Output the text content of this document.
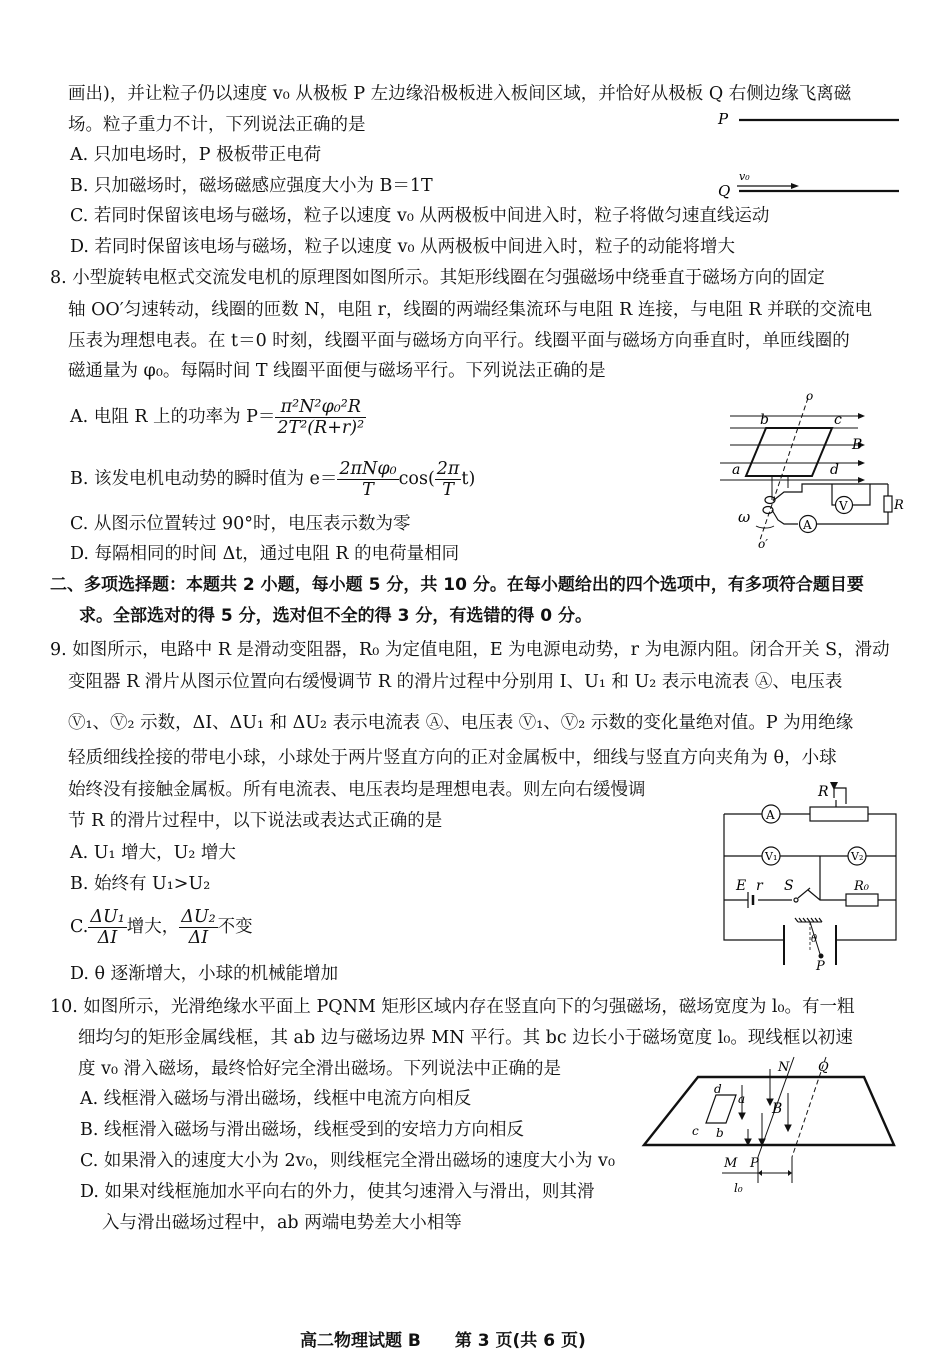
画出)，并让粒子仍以速度 v₀ 从极板 P 左边缘沿极板进入板间区域，并恰好从极板 Q 右侧边缘飞离磁
场。粒子重力不计，下列说法正确的是
A. 只加电场时，P 极板带正电荷
B. 只加磁场时，磁场磁感应强度大小为 B＝1T
C. 若同时保留该电场与磁场，粒子以速度 v₀ 从两极板中间进入时，粒子将做匀速直线运动
D. 若同时保留该电场与磁场，粒子以速度 v₀ 从两极板中间进入时，粒子的动能将增大
P
Q
v₀
8. 小型旋转电枢式交流发电机的原理图如图所示。其矩形线圈在匀强磁场中绕垂直于磁场方向的固定
轴 OO′匀速转动，线圈的匝数 N，电阻 r，线圈的两端经集流环与电阻 R 连接，与电阻 R 并联的交流电
压表为理想电表。在 t＝0 时刻，线圈平面与磁场方向平行。线圈平面与磁场方向垂直时，单匝线圈的
磁通量为 φ₀。每隔时间 T 线圈平面便与磁场平行。下列说法正确的是
A. 电阻 R 上的功率为 $P= \frac{\text{π²N²φ₀²R}}{\text{2T²(R+r)²}}$
B. 该发电机电动势的瞬时值为 $e= \frac{\text{2πNφ₀}}{T} \cos( \frac{2\pi}{T} t)$
C. 从图示位置转过 90°时，电压表示数为零
D. 每隔相同的时间 Δt，通过电阻 R 的电荷量相同
o
b	c
a	d
B
V
A
R
ω
o′
二、多项选择题：本题共 2 小题，每小题 5 分，共 10 分。在每小题给出的四个选项中，有多项符合题目要
求。全部选对的得 5 分，选对但不全的得 3 分，有选错的得 0 分。
9. 如图所示，电路中 R 是滑动变阻器，R₀ 为定值电阻，E 为电源电动势，r 为电源内阻。闭合开关 S，滑动
变阻器 R 滑片从图示位置向右缓慢调节 R 的滑片过程中分别用 I、U₁ 和 U₂ 表示电流表 Ⓐ、电压表
Ⓥ₁、Ⓥ₂ 示数，ΔI、ΔU₁ 和 ΔU₂ 表示电流表 Ⓐ、电压表 Ⓥ₁、Ⓥ₂ 示数的变化量绝对值。P 为用绝缘
轻质细线拴接的带电小球，小球处于两片竖直方向的正对金属板中，细线与竖直方向夹角为 θ，小球
始终没有接触金属板。所有电流表、电压表均是理想电表。则左向右缓慢调
节 R 的滑片过程中，以下说法或表达式正确的是
A. U₁ 增大，U₂ 增大
B. 始终有 U₁>U₂
C. $\frac{\text{ΔU₁}}{\Delta I}$ 增大， $\frac{\text{ΔU₂}}{\Delta I}$ 不变
D. θ 逐渐增大，小球的机械能增加
A
V₁	V₂
R
E r S	R₀
θ
P
10. 如图所示，光滑绝缘水平面上 PQNM 矩形区域内存在竖直向下的匀强磁场，磁场宽度为 l₀。有一粗
细均匀的矩形金属线框，其 ab 边与磁场边界 MN 平行。其 bc 边长小于磁场宽度 l₀。现线框以初速
度 v₀ 滑入磁场，最终恰好完全滑出磁场。下列说法中正确的是
A. 线框滑入磁场与滑出磁场，线框中电流方向相反
B. 线框滑入磁场与滑出磁场，线框受到的安培力方向相反
C. 如果滑入的速度大小为 2v₀，则线框完全滑出磁场的速度大小为 v₀
D. 如果对线框施加水平向右的外力，使其匀速滑入与滑出，则其滑
入与滑出磁场过程中，ab 两端电势差大小相等
N Q
B
d
a
c b
M P
l₀
高二物理试题 B　　第 3 页(共 6 页)
